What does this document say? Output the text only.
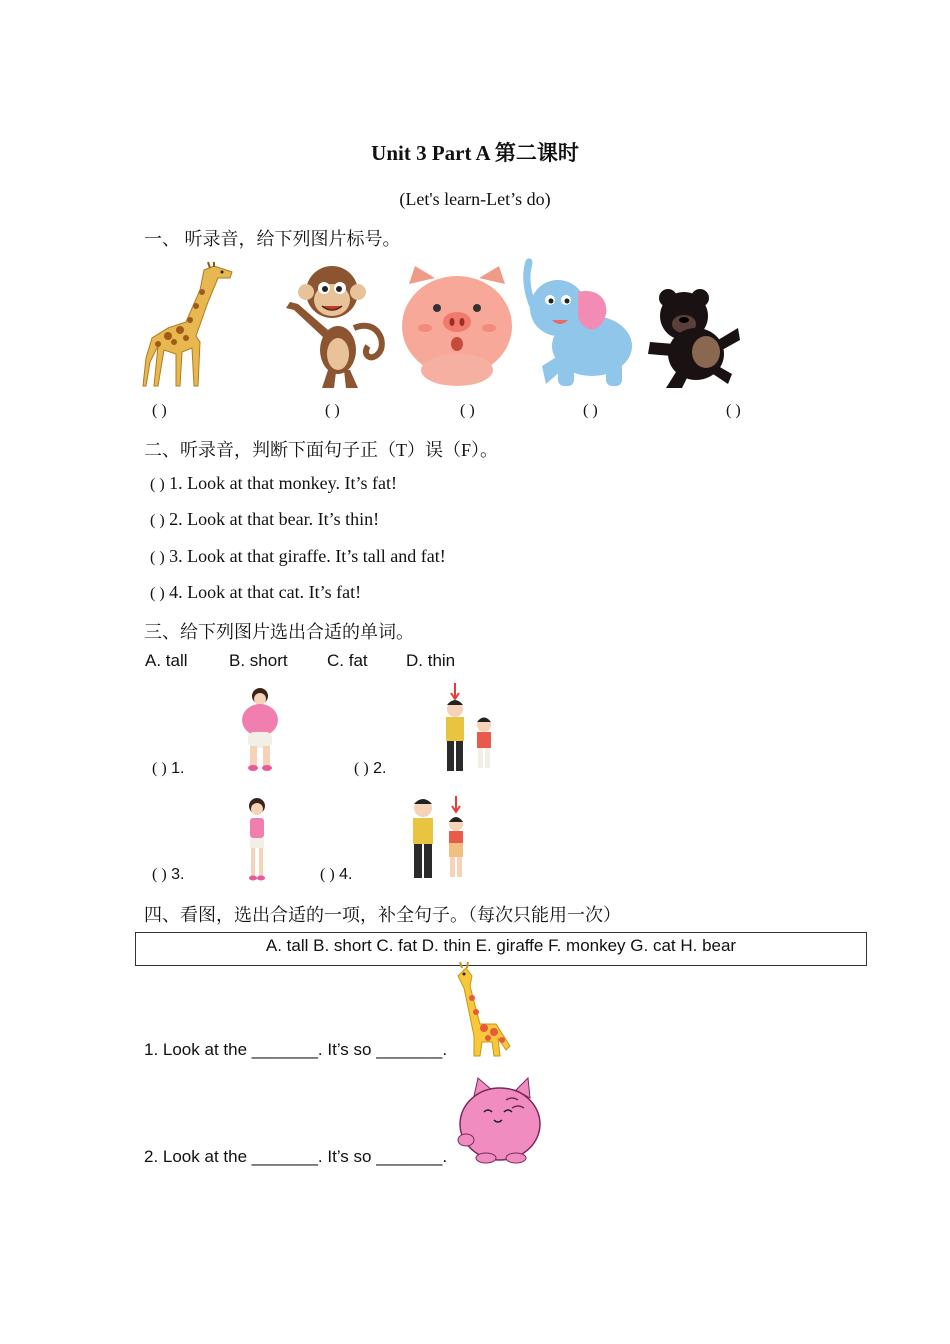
Unit 3 Part A 第二课时
(Let's learn-Let’s do)
一、 听录音，给下列图片标号。
( )	( )	( )	( )	( )
二、听录音，判断下面句子正（T）误（F）。
( ) 1. Look at that monkey. It’s fat!
( ) 2. Look at that bear. It’s thin!
( ) 3. Look at that giraffe. It’s tall and fat!
( ) 4. Look at that cat. It’s fat!
三、给下列图片选出合适的单词。
A. tall B. short C. fat D. thin
( ) 1.	( ) 2.
( ) 3.	( ) 4.
四、看图，选出合适的一项，补全句子。（每次只能用一次）
A. tall B. short C. fat D. thin E. giraffe F. monkey G. cat H. bear
1. Look at the _______. It’s so _______.
2. Look at the _______. It’s so _______.
